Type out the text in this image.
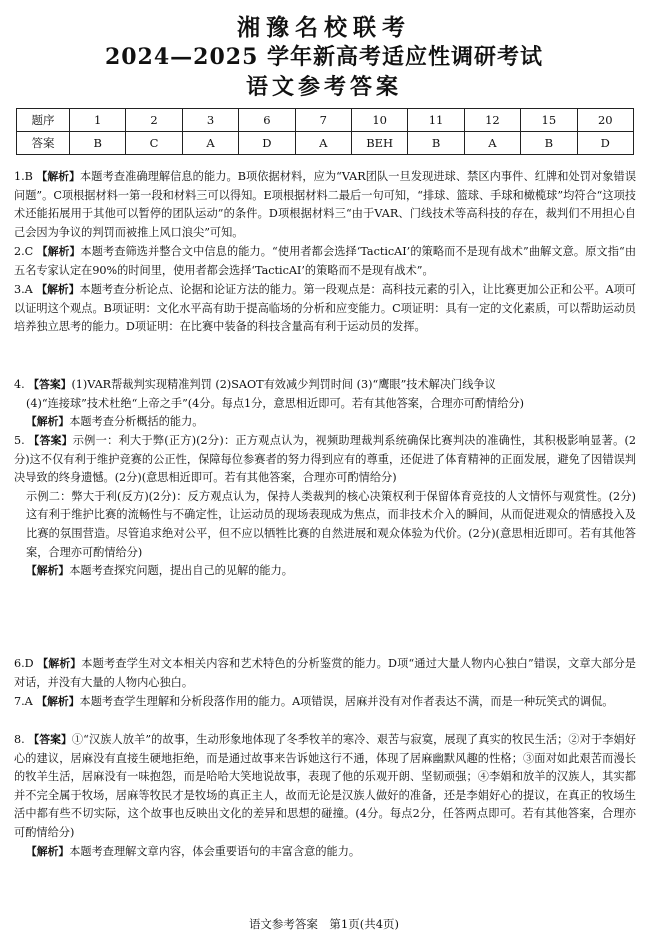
湘豫名校联考
2024—2025 学年新高考适应性调研考试
语文参考答案
题序	1	2	3	6	7	10	11	12	15	20
答案	B	C	A	D	A	BEH	B	A	B	D
1.B 【解析】本题考查准确理解信息的能力。B项依据材料，应为“VAR团队一旦发现进球、禁区内事件、红牌和处罚对象错误问题”。C项根据材料一第一段和材料三可以得知。E项根据材料二最后一句可知，“排球、篮球、手球和橄榄球”均符合“这项技术还能拓展用于其他可以暂停的团队运动”的条件。D项根据材料三“由于VAR、门线技术等高科技的存在，裁判们不用担心自己会因为争议的判罚而被推上风口浪尖”可知。
2.C 【解析】本题考查筛选并整合文中信息的能力。“使用者都会选择‘TacticAI’的策略而不是现有战术”曲解文意。原文指“由五名专家认定在90%的时间里，使用者都会选择‘TacticAI’的策略而不是现有战术”。
3.A 【解析】本题考查分析论点、论据和论证方法的能力。第一段观点是：高科技元素的引入，让比赛更加公正和公平。A项可以证明这个观点。B项证明：文化水平高有助于提高临场的分析和应变能力。C项证明：具有一定的文化素质，可以帮助运动员培养独立思考的能力。D项证明：在比赛中装备的科技含量高有利于运动员的发挥。
4. 【答案】(1)VAR帮裁判实现精准判罚 (2)SAOT有效减少判罚时间 (3)“鹰眼”技术解决门线争议
(4)“连接球”技术杜绝“上帝之手”(4分。每点1分，意思相近即可。若有其他答案，合理亦可酌情给分)
【解析】本题考查分析概括的能力。
5. 【答案】示例一：利大于弊(正方)(2分)：正方观点认为，视频助理裁判系统确保比赛判决的准确性，其积极影响显著。(2分)这不仅有利于维护竞赛的公正性，保障每位参赛者的努力得到应有的尊重，还促进了体育精神的正面发展，避免了因错误判决导致的终身遗憾。(2分)(意思相近即可。若有其他答案，合理亦可酌情给分)
示例二：弊大于利(反方)(2分)：反方观点认为，保持人类裁判的核心决策权利于保留体育竞技的人文情怀与观赏性。(2分)这有利于维护比赛的流畅性与不确定性，让运动员的现场表现成为焦点，而非技术介入的瞬间，从而促进观众的情感投入及比赛的氛围营造。尽管追求绝对公平，但不应以牺牲比赛的自然进展和观众体验为代价。(2分)(意思相近即可。若有其他答案，合理亦可酌情给分)
【解析】本题考查探究问题，提出自己的见解的能力。
6.D 【解析】本题考查学生对文本相关内容和艺术特色的分析鉴赏的能力。D项“通过大量人物内心独白”错误，文章大部分是对话，并没有大量的人物内心独白。
7.A 【解析】本题考查学生理解和分析段落作用的能力。A项错误，居麻并没有对作者表达不满，而是一种玩笑式的调侃。
8. 【答案】①“汉族人放羊”的故事，生动形象地体现了冬季牧羊的寒冷、艰苦与寂寞，展现了真实的牧民生活；②对于李娟好心的建议，居麻没有直接生硬地拒绝，而是通过故事来告诉她这行不通，体现了居麻幽默风趣的性格；③面对如此艰苦而漫长的牧羊生活，居麻没有一味抱怨，而是哈哈大笑地说故事，表现了他的乐观开朗、坚韧顽强；④李娟和放羊的汉族人，其实都并不完全属于牧场，居麻等牧民才是牧场的真正主人，故而无论是汉族人做好的准备，还是李娟好心的提议，在真正的牧场生活中都有些不切实际，这个故事也反映出文化的差异和思想的碰撞。(4分。每点2分，任答两点即可。若有其他答案，合理亦可酌情给分)
【解析】本题考查理解文章内容，体会重要语句的丰富含意的能力。
语文参考答案　第1页(共4页)
